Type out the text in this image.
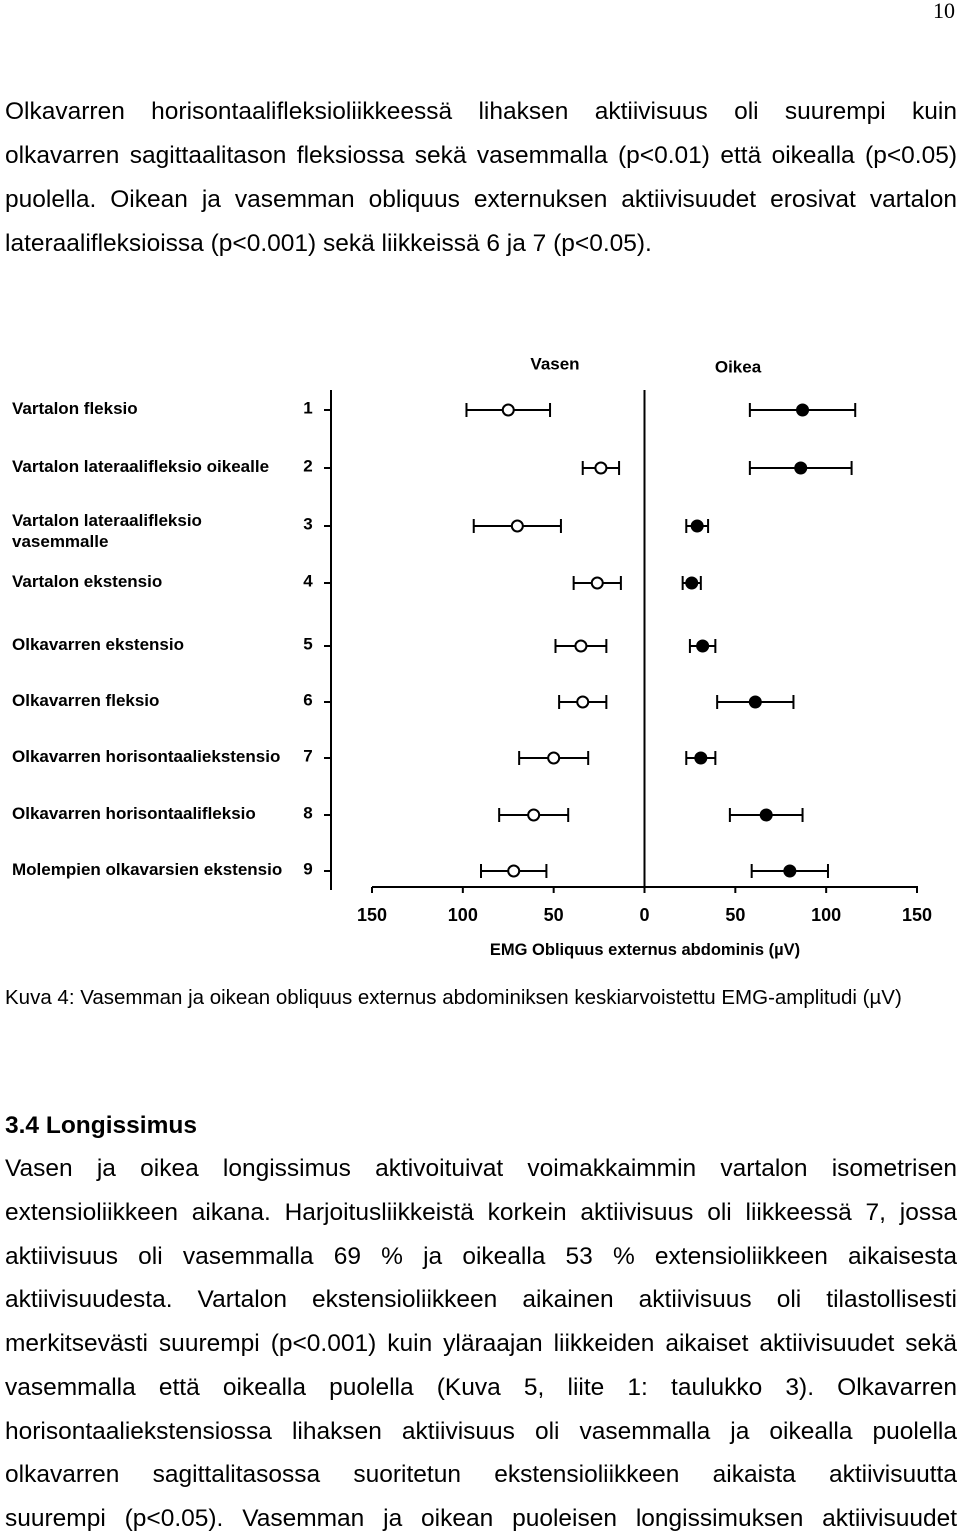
10
Olkavarren horisontaalifleksioliikkeessä lihaksen aktiivisuus oli suurempi kuin
olkavarren sagittaalitason fleksiossa sekä vasemmalla (p<0.01) että oikealla (p<0.05)
puolella. Oikean ja vasemman obliquus externuksen aktiivisuudet erosivat vartalon
lateraalifleksioissa (p<0.001) sekä liikkeissä 6 ja 7 (p<0.05).
Vasen	Oikea
150	100	50	0	50	100	150
EMG Obliquus externus abdominis (µV)
Vartalon fleksio	1
Vartalon lateraalifleksio oikealle 2
Vartalon lateraalifleksio vasemmalle
3
Vartalon ekstensio	4
Olkavarren ekstensio	5
Olkavarren fleksio	6
Olkavarren horisontaaliekstensio 7
Olkavarren horisontaalifleksio	8
Molempien olkavarsien ekstensio 9
Kuva 4: Vasemman ja oikean obliquus externus abdominiksen keskiarvoistettu EMG-amplitudi (µV)
3.4 Longissimus
Vasen ja oikea longissimus aktivoituivat voimakkaimmin vartalon isometrisen
extensioliikkeen aikana. Harjoitusliikkeistä korkein aktiivisuus oli liikkeessä 7, jossa
aktiivisuus oli vasemmalla 69 % ja oikealla 53 % extensioliikkeen aikaisesta
aktiivisuudesta. Vartalon ekstensioliikkeen aikainen aktiivisuus oli tilastollisesti
merkitsevästi suurempi (p<0.001) kuin yläraajan liikkeiden aikaiset aktiivisuudet sekä
vasemmalla että oikealla puolella (Kuva 5, liite 1: taulukko 3). Olkavarren
horisontaaliekstensiossa lihaksen aktiivisuus oli vasemmalla ja oikealla puolella
olkavarren sagittalitasossa suoritetun ekstensioliikkeen aikaista aktiivisuutta
suurempi (p<0.05). Vasemman ja oikean puoleisen longissimuksen aktiivisuudet
